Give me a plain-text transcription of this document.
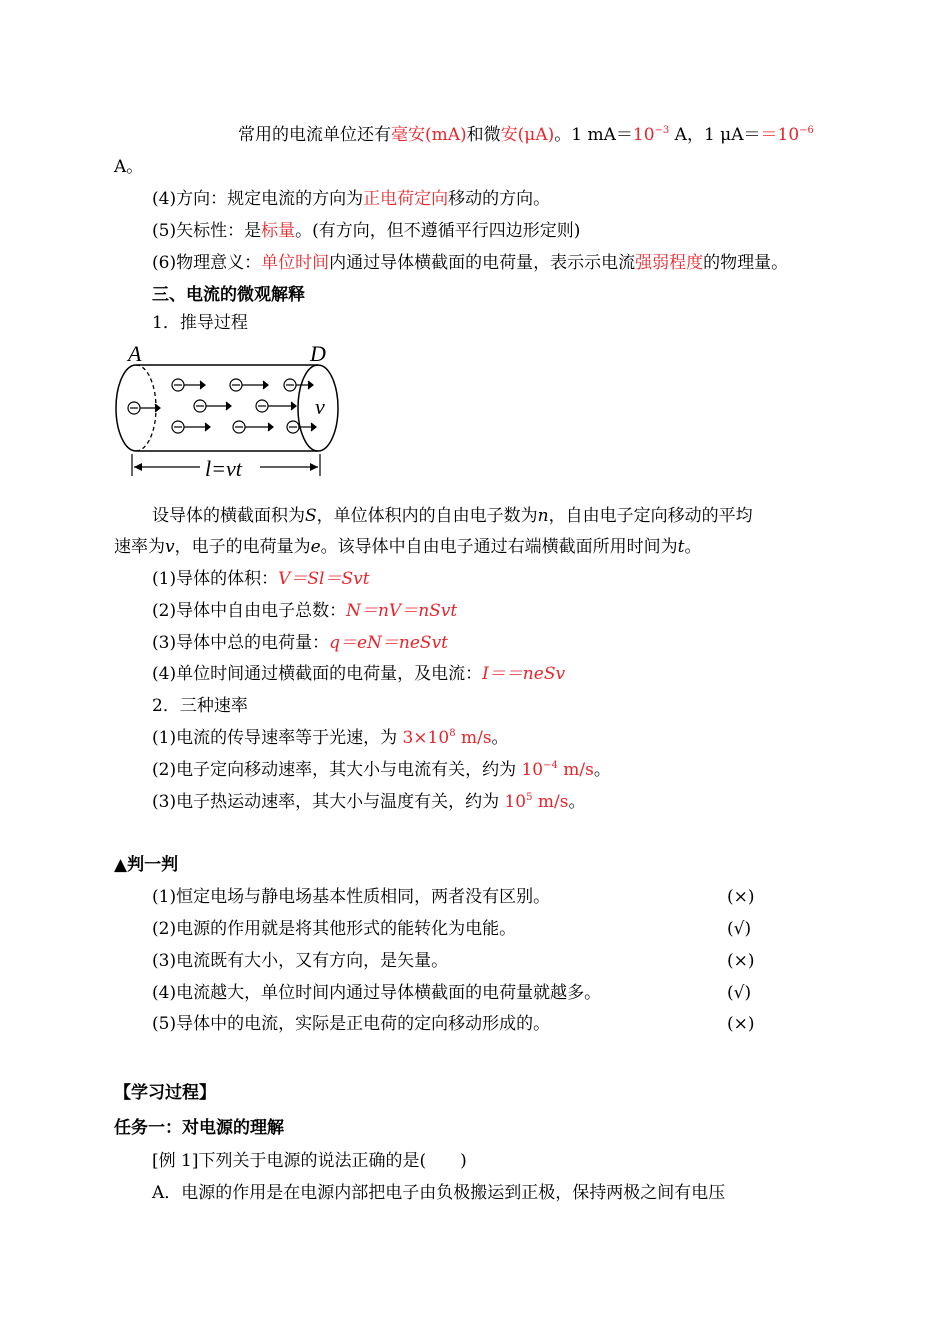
常用的电流单位还有毫安(mA)和微安(μA)。1 $mA=10^{-3}$ A，1 $\mu A==10^{-6}$
A。
(4)方向：规定电流的方向为正电荷定向移动的方向。
(5)矢标性：是标量。(有方向，但不遵循平行四边形定则)
(6)物理意义：单位时间内通过导体横截面的电荷量，表示示电流强弱程度的物理量。
三、电流的微观解释
1．推导过程
A	D
v
l=vt
设导体的横截面积为S，单位体积内的自由电子数为n，自由电子定向移动的平均
速率为v，电子的电荷量为e。该导体中自由电子通过右端横截面所用时间为t。
(1)导体的体积：V＝Sl＝Svt
(2)导体中自由电子总数：N＝nV＝nSvt
(3)导体中总的电荷量：q＝eN＝neSvt
(4)单位时间通过横截面的电荷量，及电流：I＝＝neSv
2．三种速率
(1)电流的传导速率等于光速，为 $3\times 10^8$ m/s。
(2)电子定向移动速率，其大小与电流有关，约为 $10^{-4}$ m/s。
(3)电子热运动速率，其大小与温度有关，约为 $10^5$ m/s。
▲判一判
(1)恒定电场与静电场基本性质相同，两者没有区别。	(×)
(2)电源的作用就是将其他形式的能转化为电能。	(√)
(3)电流既有大小，又有方向，是矢量。	(×)
(4)电流越大，单位时间内通过导体横截面的电荷量就越多。	(√)
(5)导体中的电流，实际是正电荷的定向移动形成的。	(×)
【学习过程】
任务一：对电源的理解
[例 1]下列关于电源的说法正确的是(　　)
A．电源的作用是在电源内部把电子由负极搬运到正极，保持两极之间有电压
